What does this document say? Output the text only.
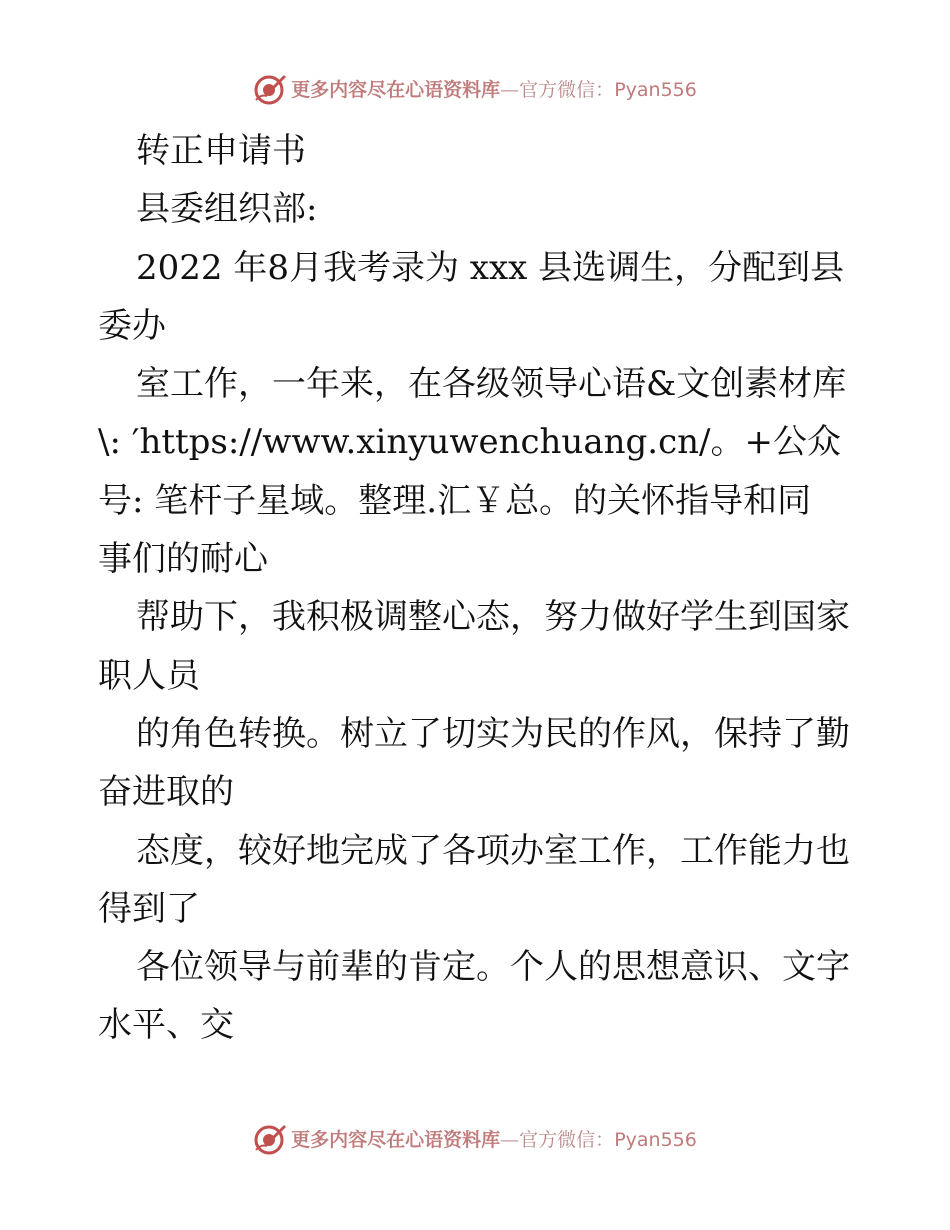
更多内容尽在心语资料库—官方微信：Pyan556
转正申请书
县委组织部:
2022 年8月我考录为 xxx 县选调生，分配到县
委办
室工作，一年来，在各级领导心语&文创素材库
\: ′https://www.xinyuwenchuang.cn/。+公众
号: 笔杆子星域。整理.汇￥总。的关怀指导和同
事们的耐心
帮助下，我积极调整心态，努力做好学生到国家
职人员
的角色转换。树立了切实为民的作风，保持了勤
奋进取的
态度，较好地完成了各项办室工作，工作能力也
得到了
各位领导与前辈的肯定。个人的思想意识、文字
水平、交
更多内容尽在心语资料库—官方微信：Pyan556
